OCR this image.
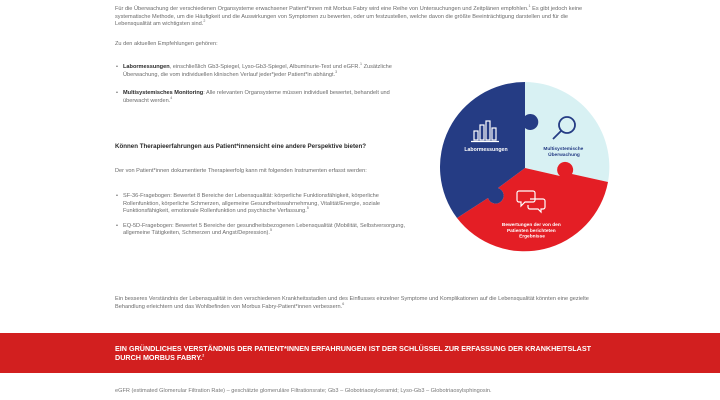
Für die Überwachung der verschiedenen Organsysteme erwachsener Patient*innen mit Morbus Fabry wird eine Reihe von Untersuchungen und Zeitplänen empfohlen.$^1$ Es gibt jedoch keine systematische Methode, um die Häufigkeit und die Auswirkungen von Symptomen zu bewerten, oder um festzustellen, welche davon die größte Beeinträchtigung darstellen und für die Lebensqualität am wichtigsten sind.$^2$

Zu den aktuellen Empfehlungen gehören:

• Labormessungen, einschließlich Gb3-Spiegel, Lyso-Gb3-Spiegel, Albuminurie-Test und eGFR.$^1$ Zusätzliche Überwachung, die vom individuellen klinischen Verlauf jeder*jeder Patient*in abhängt.$^3$
• Multisystemisches Monitoring: Alle relevanten Organsysteme müssen individuell bewertet, behandelt und überwacht werden.$^4$

Können Therapieerfahrungen aus Patient*innensicht eine andere Perspektive bieten?

Der von Patient*innen dokumentierte Therapieerfolg kann mit folgenden Instrumenten erfasst werden:

• SF-36-Fragebogen: Bewertet 8 Bereiche der Lebensqualität: körperliche Funktionsfähigkeit, körperliche Rollenfunktion, körperliche Schmerzen, allgemeine Gesundheitswahrnehmung, Vitalität/Energie, soziale Funktionsfähigkeit, emotionale Rollenfunktion und psychische Verfassung.$^5$
• EQ-5D-Fragebogen: Bewertet 5 Bereiche der gesundheitsbezogenen Lebensqualität (Mobilität, Selbstversorgung, allgemeine Tätigkeiten, Schmerzen und Angst/Depression).$^5$

Ein besseres Verständnis der Lebensqualität in den verschiedenen Krankheitsstadien und des Einflusses einzelner Symptome und Komplikationen auf die Lebensqualität könnten eine gezielte Behandlung erleichtern und das Wohlbefinden von Morbus Fabry-Patient*innen verbessern.$^6$

Labormessungen	Multisystemische Überwachung
Bewertungen der von den Patienten berichteten Ergebnisse

EIN GRÜNDLICHES VERSTÄNDNIS DER PATIENT*INNEN ERFAHRUNGEN IST DER SCHLÜSSEL ZUR ERFASSUNG DER KRANKHEITSLAST DURCH MORBUS FABRY.$^2$

eGFR (estimated Glomerular Filtration Rate) – geschätzte glomeruläre Filtrationsrate; Gb3 – Globotriaosylceramid; Lyso-Gb3 – Globotriaosylsphingosin.
